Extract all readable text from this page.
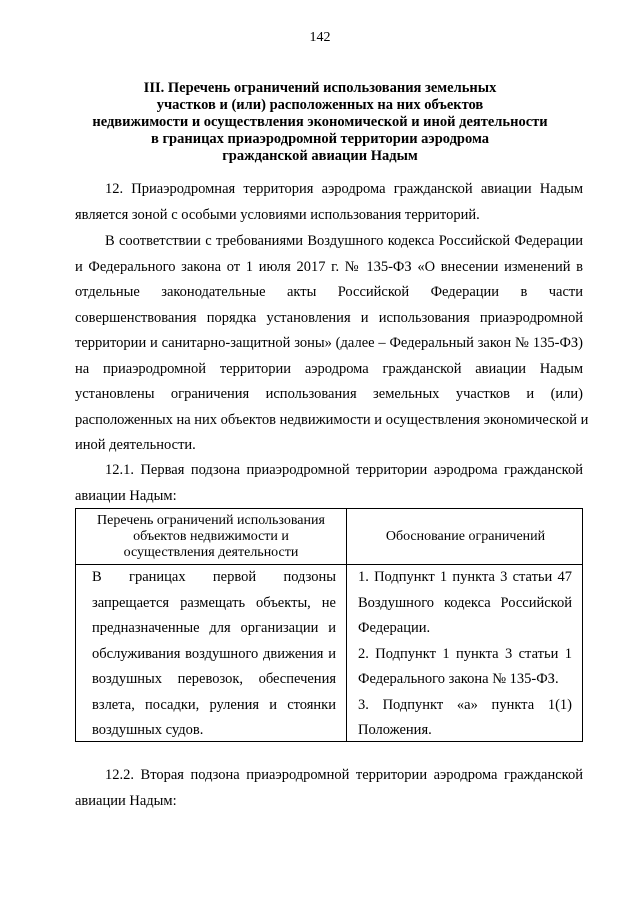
142
III. Перечень ограничений использования земельных
участков и (или) расположенных на них объектов
недвижимости и осуществления экономической и иной деятельности
в границах приаэродромной территории аэродрома
гражданской авиации Надым
12. Приаэродромная территория аэродрома гражданской авиации Надым
является зоной с особыми условиями использования территорий.
В соответствии с требованиями Воздушного кодекса Российской Федерации
и Федерального закона от 1 июля 2017 г. № 135-ФЗ «О внесении изменений в
отдельные законодательные акты Российской Федерации в части
совершенствования порядка установления и использования приаэродромной
территории и санитарно-защитной зоны» (далее – Федеральный закон № 135-ФЗ)
на приаэродромной территории аэродрома гражданской авиации Надым
установлены ограничения использования земельных участков и (или)
расположенных на них объектов недвижимости и осуществления экономической и
иной деятельности.
12.1. Первая подзона приаэродромной территории аэродрома гражданской
авиации Надым:
Перечень ограничений использования
объектов недвижимости и
осуществления деятельности
Обоснование ограничений
В границах первой подзоны
запрещается размещать объекты, не
предназначенные для организации и
обслуживания воздушного движения и
воздушных перевозок, обеспечения
взлета, посадки, руления и стоянки
воздушных судов.
1. Подпункт 1 пункта 3 статьи 47
Воздушного кодекса Российской
Федерации.
2. Подпункт 1 пункта 3 статьи 1
Федерального закона № 135-ФЗ.
3. Подпункт «а» пункта 1(1)
Положения.
12.2. Вторая подзона приаэродромной территории аэродрома гражданской
авиации Надым:
